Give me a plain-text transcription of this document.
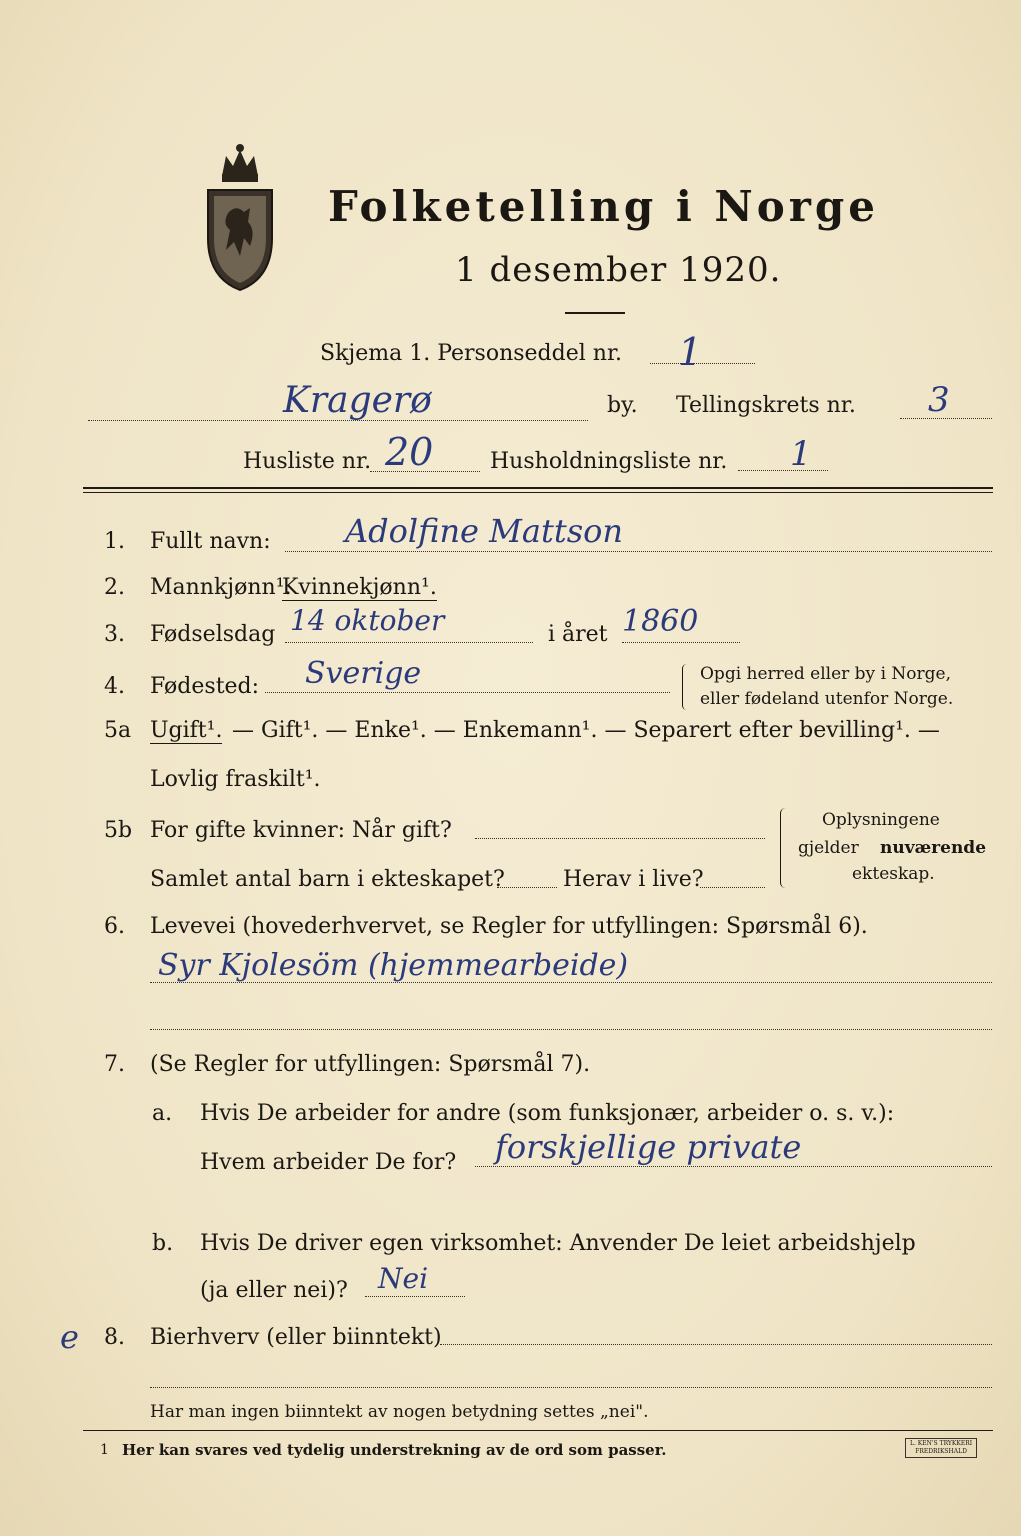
Folketelling i Norge
1 desember 1920.
Skjema 1. Personseddel nr. 1
Kragerø	by. Tellingskrets nr. 3
Husliste nr. 20	Husholdningsliste nr. 1
1. Fullt navn: Adolfine Mattson
2. Mannkjønn¹.
Kvinnekjønn¹.
3. Fødselsdag 14 oktober	i året 1860
4. Fødested: Sverige	Opgi herred eller by i Norge,
eller fødeland utenfor Norge.
5a Ugift¹. — Gift¹. — Enke¹. — Enkemann¹. — Separert efter bevilling¹. —
Lovlig fraskilt¹.
5b For gifte kvinner: Når gift?
Samlet antal barn i ekteskapet?	Herav i live?
Oplysningene
gjelder nuværende
ekteskap.
6. Levevei (hovederhvervet, se Regler for utfyllingen: Spørsmål 6).
Syr Kjolesöm (hjemmearbeide)
7. (Se Regler for utfyllingen: Spørsmål 7).
a. Hvis De arbeider for andre (som funksjonær, arbeider o. s. v.):
Hvem arbeider De for? forskjellige private
b. Hvis De driver egen virksomhet: Anvender De leiet arbeidshjelp
(ja eller nei)? Nei
e 8. Bierhverv (eller biinntekt)
Har man ingen biinntekt av nogen betydning settes „nei".
1 Her kan svares ved tydelig understrekning av de ord som passer.	L. KEN'S TRYKKERI
FREDRIKSHALD
